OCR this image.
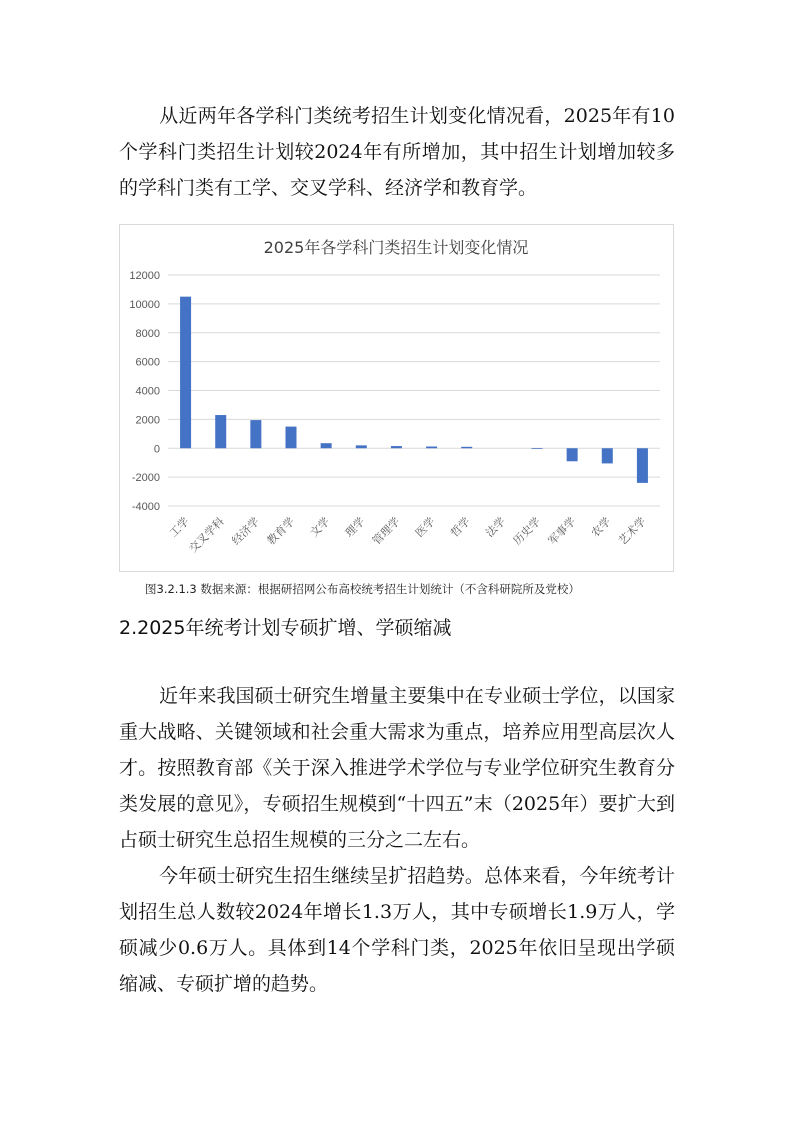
从近两年各学科门类统考招生计划变化情况看，2025年有10个学科门类招生计划较2024年有所增加，其中招生计划增加较多的学科门类有工学、交叉学科、经济学和教育学。

2025年各学科门类招生计划变化情况
-4000
-2000
0
2000
4000
6000
8000
10000
12000
工学
交叉学科 经济学 教育学 文学 理学 管理学 医学 哲学 法学 历史学 军事学 农学 艺术学
图3.2.1.3 数据来源：根据研招网公布高校统考招生计划统计（不含科研院所及党校）
2.2025年统考计划专硕扩增、学硕缩减

近年来我国硕士研究生增量主要集中在专业硕士学位，以国家重大战略、关键领域和社会重大需求为重点，培养应用型高层次人才。按照教育部《关于深入推进学术学位与专业学位研究生教育分类发展的意见》，专硕招生规模到“十四五”末（2025年）要扩大到占硕士研究生总招生规模的三分之二左右。

今年硕士研究生招生继续呈扩招趋势。总体来看，今年统考计划招生总人数较2024年增长1.3万人，其中专硕增长1.9万人，学硕减少0.6万人。具体到14个学科门类，2025年依旧呈现出学硕缩减、专硕扩增的趋势。
